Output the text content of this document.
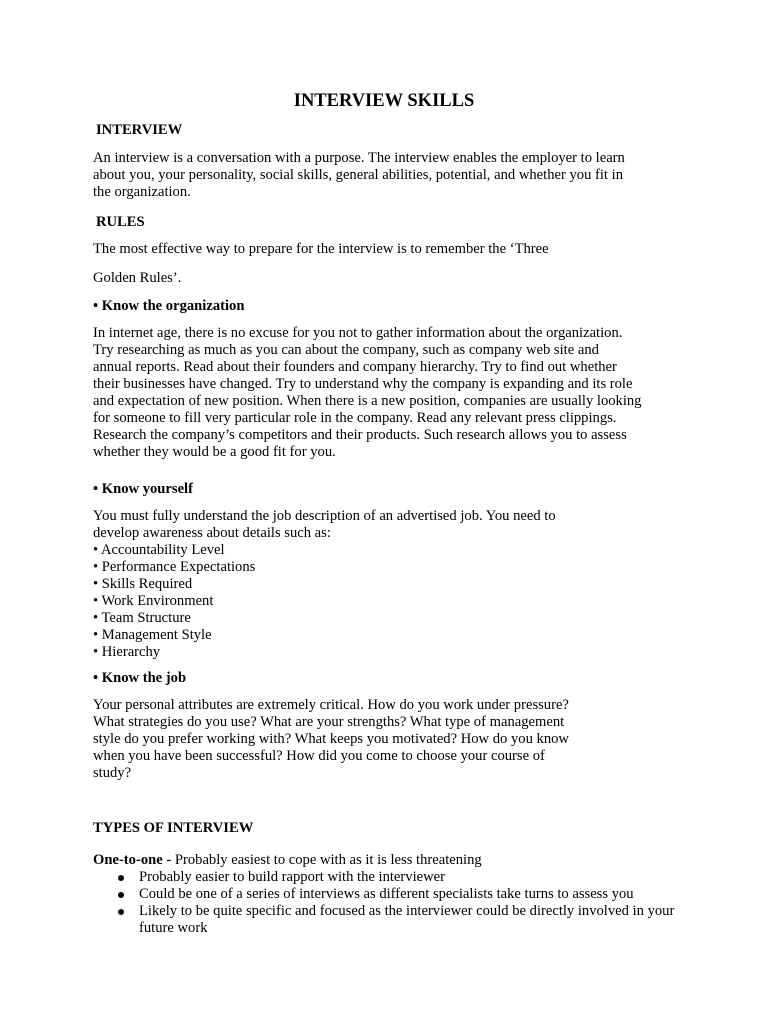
INTERVIEW SKILLS
INTERVIEW
An interview is a conversation with a purpose. The interview enables the employer to learn
about you, your personality, social skills, general abilities, potential, and whether you fit in
the organization.
RULES
The most effective way to prepare for the interview is to remember the ‘Three
Golden Rules’.
• Know the organization
In internet age, there is no excuse for you not to gather information about the organization.
Try researching as much as you can about the company, such as company web site and
annual reports. Read about their founders and company hierarchy. Try to find out whether
their businesses have changed. Try to understand why the company is expanding and its role
and expectation of new position. When there is a new position, companies are usually looking
for someone to fill very particular role in the company. Read any relevant press clippings.
Research the company’s competitors and their products. Such research allows you to assess
whether they would be a good fit for you.
• Know yourself
You must fully understand the job description of an advertised job. You need to
develop awareness about details such as:
• Accountability Level
• Performance Expectations
• Skills Required
• Work Environment
• Team Structure
• Management Style
• Hierarchy
• Know the job
Your personal attributes are extremely critical. How do you work under pressure?
What strategies do you use? What are your strengths? What type of management
style do you prefer working with? What keeps you motivated? How do you know
when you have been successful? How did you come to choose your course of
study?
TYPES OF INTERVIEW
One-to-one - Probably easiest to cope with as it is less threatening
Probably easier to build rapport with the interviewer
Could be one of a series of interviews as different specialists take turns to assess you
Likely to be quite specific and focused as the interviewer could be directly involved in your future work
